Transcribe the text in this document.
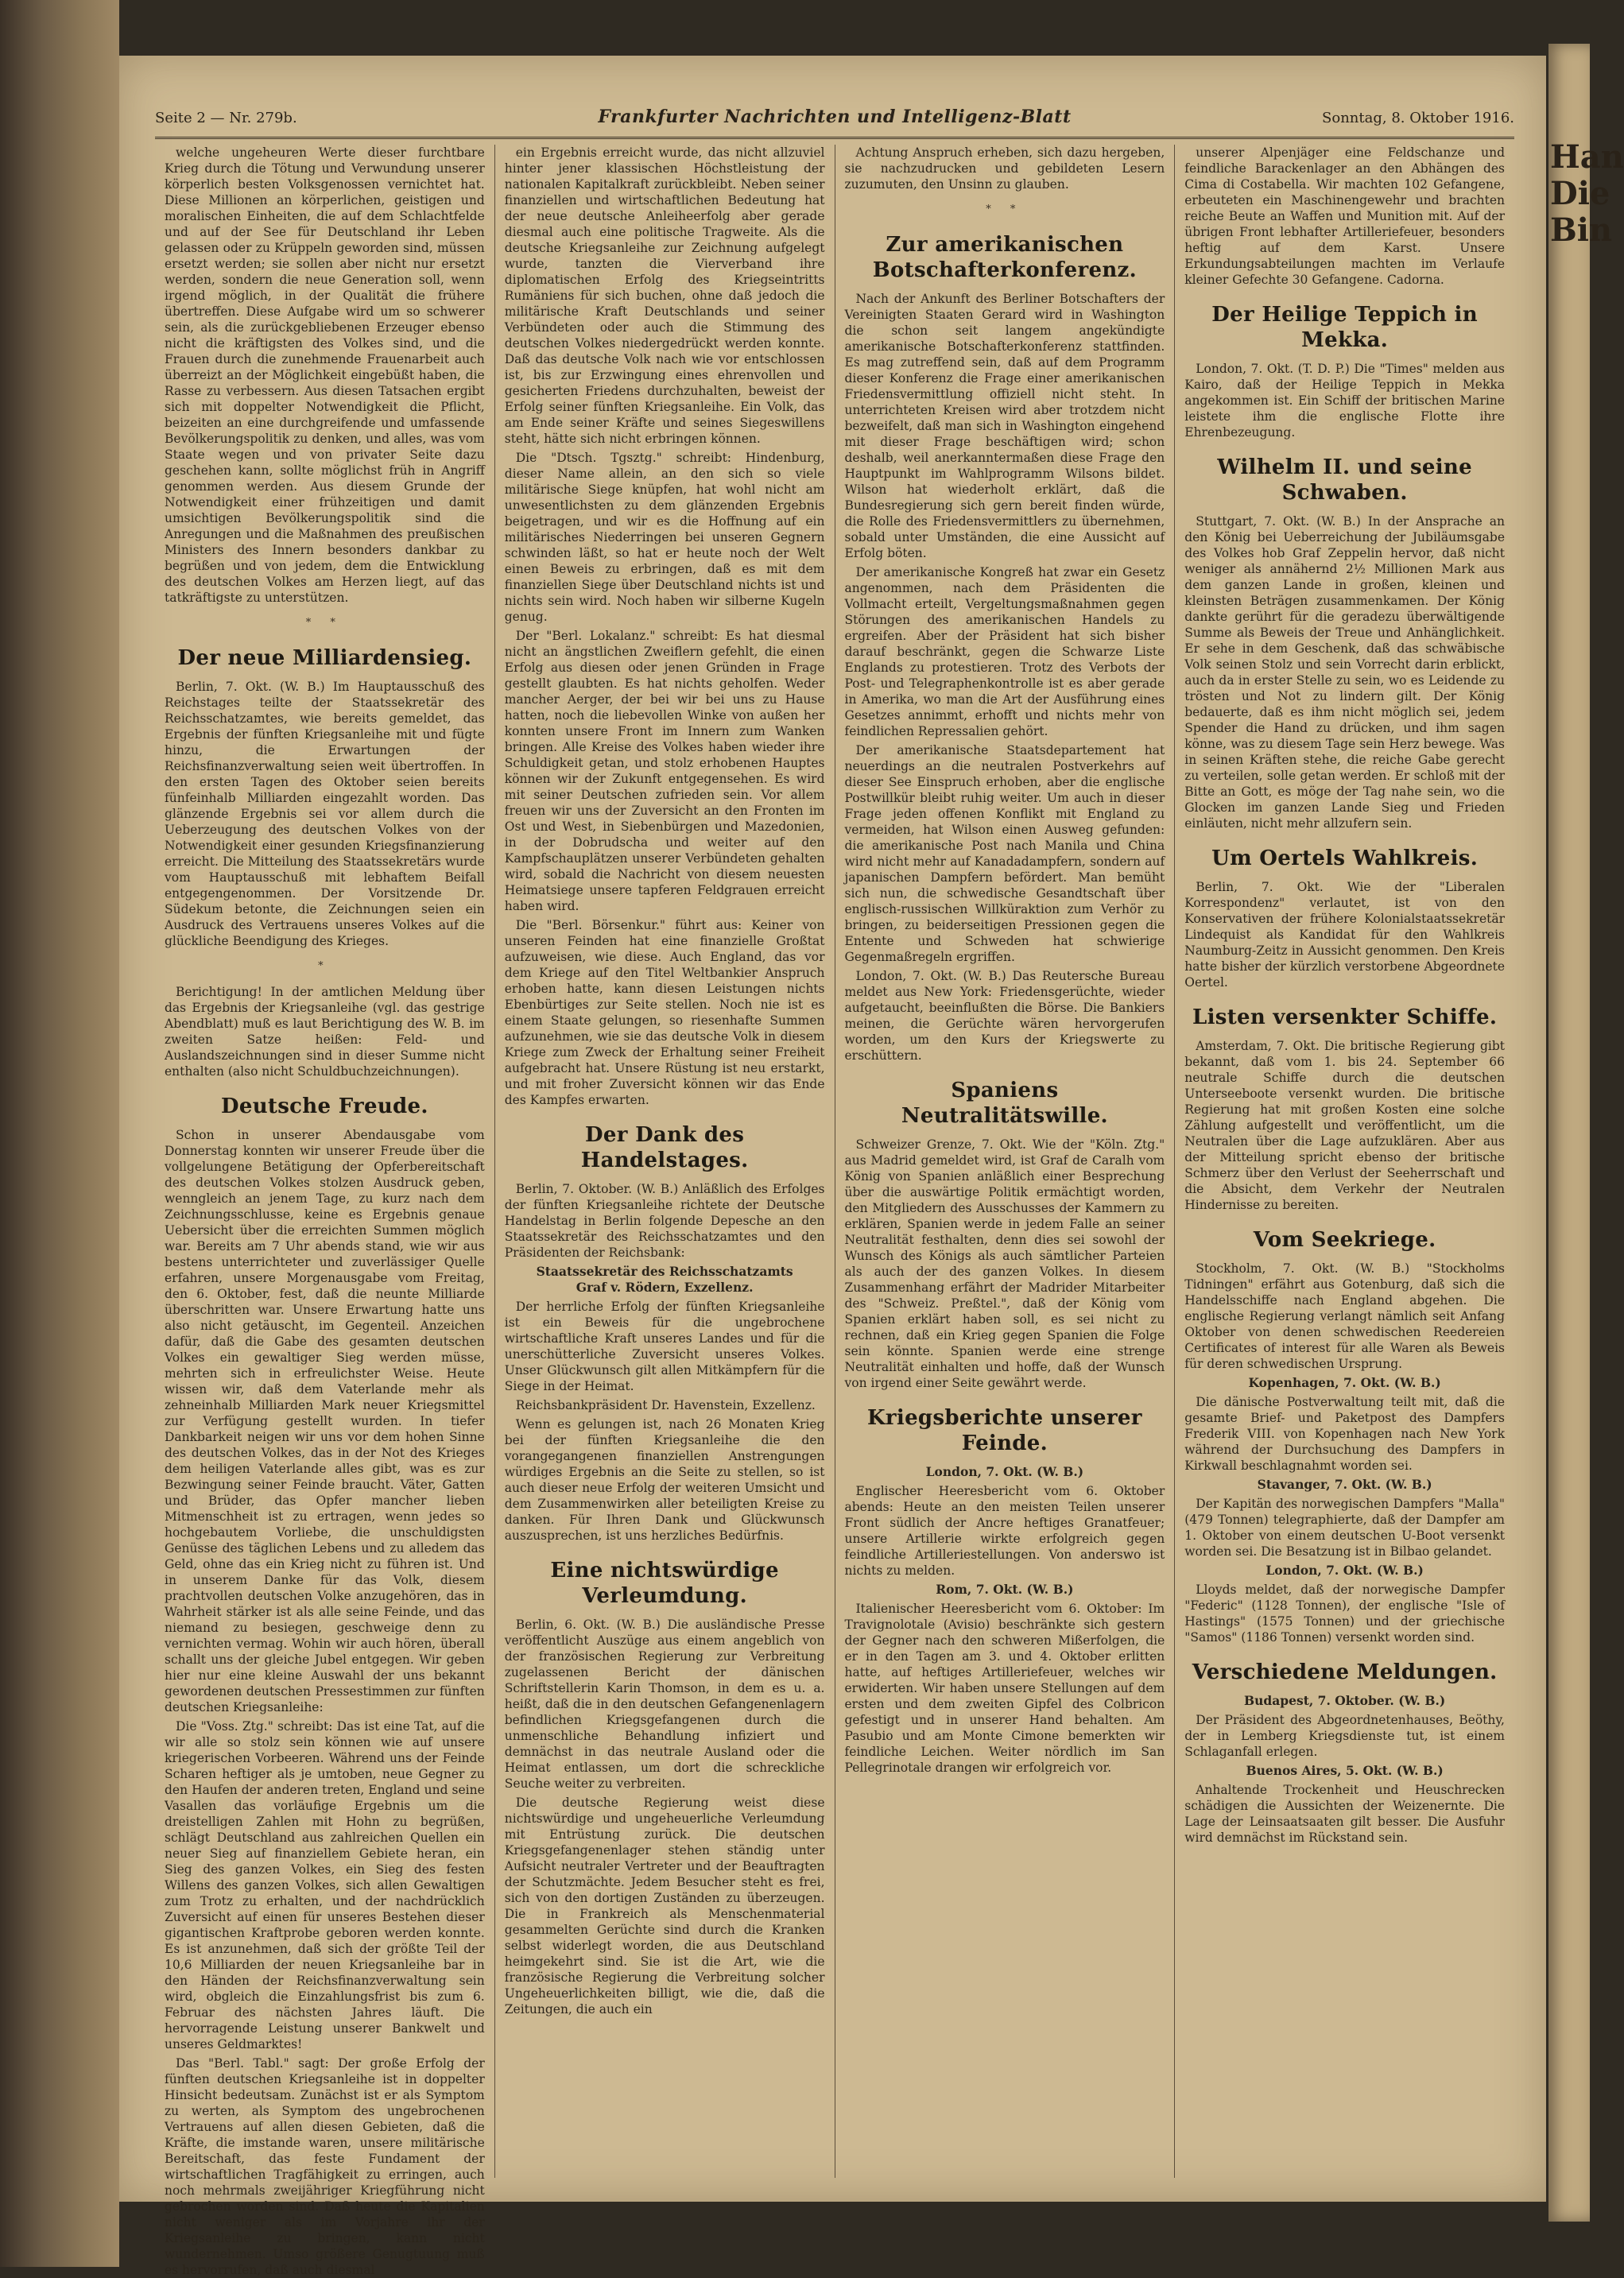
Seite 2 — Nr. 279b.	Frankfurter Nachrichten und Intelligenz-Blatt	Sonntag, 8. Oktober 1916.

welche ungeheuren Werte dieser furchtbare Krieg durch die Tötung und Verwundung unserer körperlich besten Volksgenossen vernichtet hat. Diese Millionen an körperlichen, geistigen und moralischen Einheiten, die auf dem Schlachtfelde und auf der See für Deutschland ihr Leben gelassen oder zu Krüppeln geworden sind, müssen ersetzt werden; sie sollen aber nicht nur ersetzt werden, sondern die neue Generation soll, wenn irgend möglich, in der Qualität die frühere übertreffen. Diese Aufgabe wird um so schwerer sein, als die zurückgebliebenen Erzeuger ebenso nicht die kräftigsten des Volkes sind, und die Frauen durch die zunehmende Frauenarbeit auch überreizt an der Möglichkeit eingebüßt haben, die Rasse zu verbessern. Aus diesen Tatsachen ergibt sich mit doppelter Notwendigkeit die Pflicht, beizeiten an eine durchgreifende und umfassende Bevölkerungspolitik zu denken, und alles, was vom Staate wegen und von privater Seite dazu geschehen kann, sollte möglichst früh in Angriff genommen werden. Aus diesem Grunde der Notwendigkeit einer frühzeitigen und damit umsichtigen Bevölkerungspolitik sind die Anregungen und die Maßnahmen des preußischen Ministers des Innern besonders dankbar zu begrüßen und von jedem, dem die Entwicklung des deutschen Volkes am Herzen liegt, auf das tatkräftigste zu unterstützen.

* *
Der neue Milliardensieg.

Berlin, 7. Okt. (W. B.) Im Hauptausschuß des Reichstages teilte der Staatssekretär des Reichsschatzamtes, wie bereits gemeldet, das Ergebnis der fünften Kriegsanleihe mit und fügte hinzu, die Erwartungen der Reichsfinanzverwaltung seien weit übertroffen. In den ersten Tagen des Oktober seien bereits fünfeinhalb Milliarden eingezahlt worden. Das glänzende Ergebnis sei vor allem durch die Ueberzeugung des deutschen Volkes von der Notwendigkeit einer gesunden Kriegsfinanzierung erreicht. Die Mitteilung des Staatssekretärs wurde vom Hauptausschuß mit lebhaftem Beifall entgegengenommen. Der Vorsitzende Dr. Südekum betonte, die Zeichnungen seien ein Ausdruck des Vertrauens unseres Volkes auf die glückliche Beendigung des Krieges.

*

Berichtigung! In der amtlichen Meldung über das Ergebnis der Kriegsanleihe (vgl. das gestrige Abendblatt) muß es laut Berichtigung des W. B. im zweiten Satze heißen: Feld- und Auslandszeichnungen sind in dieser Summe nicht enthalten (also nicht Schuldbuchzeichnungen).

Deutsche Freude.

Schon in unserer Abendausgabe vom Donnerstag konnten wir unserer Freude über die vollgelungene Betätigung der Opferbereitschaft des deutschen Volkes stolzen Ausdruck geben, wenngleich an jenem Tage, zu kurz nach dem Zeichnungsschlusse, keine es Ergebnis genaue Uebersicht über die erreichten Summen möglich war. Bereits am 7 Uhr abends stand, wie wir aus bestens unterrichteter und zuverlässiger Quelle erfahren, unsere Morgenausgabe vom Freitag, den 6. Oktober, fest, daß die neunte Milliarde überschritten war. Unsere Erwartung hatte uns also nicht getäuscht, im Gegenteil. Anzeichen dafür, daß die Gabe des gesamten deutschen Volkes ein gewaltiger Sieg werden müsse, mehrten sich in erfreulichster Weise. Heute wissen wir, daß dem Vaterlande mehr als zehneinhalb Milliarden Mark neuer Kriegsmittel zur Verfügung gestellt wurden. In tiefer Dankbarkeit neigen wir uns vor dem hohen Sinne des deutschen Volkes, das in der Not des Krieges dem heiligen Vaterlande alles gibt, was es zur Bezwingung seiner Feinde braucht. Väter, Gatten und Brüder, das Opfer mancher lieben Mitmenschheit ist zu ertragen, wenn jedes so hochgebautem Vorliebe, die unschuldigsten Genüsse des täglichen Lebens und zu alledem das Geld, ohne das ein Krieg nicht zu führen ist. Und in unserem Danke für das Volk, diesem prachtvollen deutschen Volke anzugehören, das in Wahrheit stärker ist als alle seine Feinde, und das niemand zu besiegen, geschweige denn zu vernichten vermag. Wohin wir auch hören, überall schallt uns der gleiche Jubel entgegen. Wir geben hier nur eine kleine Auswahl der uns bekannt gewordenen deutschen Pressestimmen zur fünften deutschen Kriegsanleihe:

Die "Voss. Ztg." schreibt: Das ist eine Tat, auf die wir alle so stolz sein können wie auf unsere kriegerischen Vorbeeren. Während uns der Feinde Scharen heftiger als je umtoben, neue Gegner zu den Haufen der anderen treten, England und seine Vasallen das vorläufige Ergebnis um die dreistelligen Zahlen mit Hohn zu begrüßen, schlägt Deutschland aus zahlreichen Quellen ein neuer Sieg auf finanziellem Gebiete heran, ein Sieg des ganzen Volkes, ein Sieg des festen Willens des ganzen Volkes, sich allen Gewaltigen zum Trotz zu erhalten, und der nachdrücklich Zuversicht auf einen für unseres Bestehen dieser gigantischen Kraftprobe geboren werden konnte. Es ist anzunehmen, daß sich der größte Teil der 10,6 Milliarden der neuen Kriegsanleihe bar in den Händen der Reichsfinanzverwaltung sein wird, obgleich die Einzahlungsfrist bis zum 6. Februar des nächsten Jahres läuft. Die hervorragende Leistung unserer Bankwelt und unseres Geldmarktes!

Das "Berl. Tabl." sagt: Der große Erfolg der fünften deutschen Kriegsanleihe ist in doppelter Hinsicht bedeutsam. Zunächst ist er als Symptom zu werten, als Symptom des ungebrochenen Vertrauens auf allen diesen Gebieten, daß die Kräfte, die imstande waren, unsere militärische Bereitschaft, das feste Fundament der wirtschaftlichen Tragfähigkeit zu erringen, auch noch mehrmals zweijähriger Kriegführung nicht gebrochen worden sind. Daß heute die Kapitalien nicht weniger als im Vorjahre ihr der Kriegsanleihe zu bringen, kann nicht wundernehmen. Umso größere Genugtuung muß es hervorrufen, daß auch diesmal

ein Ergebnis erreicht wurde, das nicht allzuviel hinter jener klassischen Höchstleistung der nationalen Kapitalkraft zurückbleibt. Neben seiner finanziellen und wirtschaftlichen Bedeutung hat der neue deutsche Anleiheerfolg aber gerade diesmal auch eine politische Tragweite. Als die deutsche Kriegsanleihe zur Zeichnung aufgelegt wurde, tanzten die Vierverband ihre diplomatischen Erfolg des Kriegseintritts Rumäniens für sich buchen, ohne daß jedoch die militärische Kraft Deutschlands und seiner Verbündeten oder auch die Stimmung des deutschen Volkes niedergedrückt werden konnte. Daß das deutsche Volk nach wie vor entschlossen ist, bis zur Erzwingung eines ehrenvollen und gesicherten Friedens durchzuhalten, beweist der Erfolg seiner fünften Kriegsanleihe. Ein Volk, das am Ende seiner Kräfte und seines Siegeswillens steht, hätte sich nicht erbringen können.

Die "Dtsch. Tgsztg." schreibt: Hindenburg, dieser Name allein, an den sich so viele militärische Siege knüpfen, hat wohl nicht am unwesentlichsten zu dem glänzenden Ergebnis beigetragen, und wir es die Hoffnung auf ein militärisches Niederringen bei unseren Gegnern schwinden läßt, so hat er heute noch der Welt einen Beweis zu erbringen, daß es mit dem finanziellen Siege über Deutschland nichts ist und nichts sein wird. Noch haben wir silberne Kugeln genug.

Der "Berl. Lokalanz." schreibt: Es hat diesmal nicht an ängstlichen Zweiflern gefehlt, die einen Erfolg aus diesen oder jenen Gründen in Frage gestellt glaubten. Es hat nichts geholfen. Weder mancher Aerger, der bei wir bei uns zu Hause hatten, noch die liebevollen Winke von außen her konnten unsere Front im Innern zum Wanken bringen. Alle Kreise des Volkes haben wieder ihre Schuldigkeit getan, und stolz erhobenen Hauptes können wir der Zukunft entgegensehen. Es wird mit seiner Deutschen zufrieden sein. Vor allem freuen wir uns der Zuversicht an den Fronten im Ost und West, in Siebenbürgen und Mazedonien, in der Dobrudscha und weiter auf den Kampfschauplätzen unserer Verbündeten gehalten wird, sobald die Nachricht von diesem neuesten Heimatsiege unsere tapferen Feldgrauen erreicht haben wird.

Die "Berl. Börsenkur." führt aus: Keiner von unseren Feinden hat eine finanzielle Großtat aufzuweisen, wie diese. Auch England, das vor dem Kriege auf den Titel Weltbankier Anspruch erhoben hatte, kann diesen Leistungen nichts Ebenbürtiges zur Seite stellen. Noch nie ist es einem Staate gelungen, so riesenhafte Summen aufzunehmen, wie sie das deutsche Volk in diesem Kriege zum Zweck der Erhaltung seiner Freiheit aufgebracht hat. Unsere Rüstung ist neu erstarkt, und mit froher Zuversicht können wir das Ende des Kampfes erwarten.

Der Dank des Handelstages.

Berlin, 7. Oktober. (W. B.) Anläßlich des Erfolges der fünften Kriegsanleihe richtete der Deutsche Handelstag in Berlin folgende Depesche an den Staatssekretär des Reichsschatzamtes und den Präsidenten der Reichsbank:

Staatssekretär des Reichsschatzamts
Graf v. Rödern, Exzellenz.

Der herrliche Erfolg der fünften Kriegsanleihe ist ein Beweis für die ungebrochene wirtschaftliche Kraft unseres Landes und für die unerschütterliche Zuversicht unseres Volkes. Unser Glückwunsch gilt allen Mitkämpfern für die Siege in der Heimat.

Reichsbankpräsident Dr. Havenstein, Exzellenz.

Wenn es gelungen ist, nach 26 Monaten Krieg bei der fünften Kriegsanleihe die den vorangegangenen finanziellen Anstrengungen würdiges Ergebnis an die Seite zu stellen, so ist auch dieser neue Erfolg der weiteren Umsicht und dem Zusammenwirken aller beteiligten Kreise zu danken. Für Ihren Dank und Glückwunsch auszusprechen, ist uns herzliches Bedürfnis.

Eine nichtswürdige Verleumdung.

Berlin, 6. Okt. (W. B.) Die ausländische Presse veröffentlicht Auszüge aus einem angeblich von der französischen Regierung zur Verbreitung zugelassenen Bericht der dänischen Schriftstellerin Karin Thomson, in dem es u. a. heißt, daß die in den deutschen Gefangenenlagern befindlichen Kriegsgefangenen durch die unmenschliche Behandlung infiziert und demnächst in das neutrale Ausland oder die Heimat entlassen, um dort die schreckliche Seuche weiter zu verbreiten.

Die deutsche Regierung weist diese nichtswürdige und ungeheuerliche Verleumdung mit Entrüstung zurück. Die deutschen Kriegsgefangenenlager stehen ständig unter Aufsicht neutraler Vertreter und der Beauftragten der Schutzmächte. Jedem Besucher steht es frei, sich von den dortigen Zuständen zu überzeugen. Die in Frankreich als Menschenmaterial gesammelten Gerüchte sind durch die Kranken selbst widerlegt worden, die aus Deutschland heimgekehrt sind. Sie ist die Art, wie die französische Regierung die Verbreitung solcher Ungeheuerlichkeiten billigt, wie die, daß die Zeitungen, die auch ein

Achtung Anspruch erheben, sich dazu hergeben, sie nachzudrucken und gebildeten Lesern zuzumuten, den Unsinn zu glauben.

* *
Zur amerikanischen Botschafterkonferenz.

Nach der Ankunft des Berliner Botschafters der Vereinigten Staaten Gerard wird in Washington die schon seit langem angekündigte amerikanische Botschafterkonferenz stattfinden. Es mag zutreffend sein, daß auf dem Programm dieser Konferenz die Frage einer amerikanischen Friedensvermittlung offiziell nicht steht. In unterrichteten Kreisen wird aber trotzdem nicht bezweifelt, daß man sich in Washington eingehend mit dieser Frage beschäftigen wird; schon deshalb, weil anerkanntermaßen diese Frage den Hauptpunkt im Wahlprogramm Wilsons bildet. Wilson hat wiederholt erklärt, daß die Bundesregierung sich gern bereit finden würde, die Rolle des Friedensvermittlers zu übernehmen, sobald unter Umständen, die eine Aussicht auf Erfolg böten.

Der amerikanische Kongreß hat zwar ein Gesetz angenommen, nach dem Präsidenten die Vollmacht erteilt, Vergeltungsmaßnahmen gegen Störungen des amerikanischen Handels zu ergreifen. Aber der Präsident hat sich bisher darauf beschränkt, gegen die Schwarze Liste Englands zu protestieren. Trotz des Verbots der Post- und Telegraphenkontrolle ist es aber gerade in Amerika, wo man die Art der Ausführung eines Gesetzes annimmt, erhofft und nichts mehr von feindlichen Repressalien gehört.

Der amerikanische Staatsdepartement hat neuerdings an die neutralen Postverkehrs auf dieser See Einspruch erhoben, aber die englische Postwillkür bleibt ruhig weiter. Um auch in dieser Frage jeden offenen Konflikt mit England zu vermeiden, hat Wilson einen Ausweg gefunden: die amerikanische Post nach Manila und China wird nicht mehr auf Kanadadampfern, sondern auf japanischen Dampfern befördert. Man bemüht sich nun, die schwedische Gesandtschaft über englisch-russischen Willküraktion zum Verhör zu bringen, zu beiderseitigen Pressionen gegen die Entente und Schweden hat schwierige Gegenmaßregeln ergriffen.

London, 7. Okt. (W. B.) Das Reutersche Bureau meldet aus New York: Friedensgerüchte, wieder aufgetaucht, beeinflußten die Börse. Die Bankiers meinen, die Gerüchte wären hervorgerufen worden, um den Kurs der Kriegswerte zu erschüttern.

Spaniens Neutralitätswille.

Schweizer Grenze, 7. Okt. Wie der "Köln. Ztg." aus Madrid gemeldet wird, ist Graf de Caralh vom König von Spanien anläßlich einer Besprechung über die auswärtige Politik ermächtigt worden, den Mitgliedern des Ausschusses der Kammern zu erklären, Spanien werde in jedem Falle an seiner Neutralität festhalten, denn dies sei sowohl der Wunsch des Königs als auch sämtlicher Parteien als auch der des ganzen Volkes. In diesem Zusammenhang erfährt der Madrider Mitarbeiter des "Schweiz. Preßtel.", daß der König vom Spanien erklärt haben soll, es sei nicht zu rechnen, daß ein Krieg gegen Spanien die Folge sein könnte. Spanien werde eine strenge Neutralität einhalten und hoffe, daß der Wunsch von irgend einer Seite gewährt werde.

Kriegsberichte unserer Feinde.
London, 7. Okt. (W. B.)

Englischer Heeresbericht vom 6. Oktober abends: Heute an den meisten Teilen unserer Front südlich der Ancre heftiges Granatfeuer; unsere Artillerie wirkte erfolgreich gegen feindliche Artilleriestellungen. Von anderswo ist nichts zu melden.

Rom, 7. Okt. (W. B.)

Italienischer Heeresbericht vom 6. Oktober: Im Travignolotale (Avisio) beschränkte sich gestern der Gegner nach den schweren Mißerfolgen, die er in den Tagen am 3. und 4. Oktober erlitten hatte, auf heftiges Artilleriefeuer, welches wir erwiderten. Wir haben unsere Stellungen auf dem ersten und dem zweiten Gipfel des Colbricon gefestigt und in unserer Hand behalten. Am Pasubio und am Monte Cimone bemerkten wir feindliche Leichen. Weiter nördlich im San Pellegrinotale drangen wir erfolgreich vor.

unserer Alpenjäger eine Feldschanze und feindliche Barackenlager an den Abhängen des Cima di Costabella. Wir machten 102 Gefangene, erbeuteten ein Maschinengewehr und brachten reiche Beute an Waffen und Munition mit. Auf der übrigen Front lebhafter Artilleriefeuer, besonders heftig auf dem Karst. Unsere Erkundungsabteilungen machten im Verlaufe kleiner Gefechte 30 Gefangene. Cadorna.

Der Heilige Teppich in Mekka.

London, 7. Okt. (T. D. P.) Die "Times" melden aus Kairo, daß der Heilige Teppich in Mekka angekommen ist. Ein Schiff der britischen Marine leistete ihm die englische Flotte ihre Ehrenbezeugung.

Wilhelm II. und seine Schwaben.

Stuttgart, 7. Okt. (W. B.) In der Ansprache an den König bei Ueberreichung der Jubiläumsgabe des Volkes hob Graf Zeppelin hervor, daß nicht weniger als annähernd 2½ Millionen Mark aus dem ganzen Lande in großen, kleinen und kleinsten Beträgen zusammenkamen. Der König dankte gerührt für die geradezu überwältigende Summe als Beweis der Treue und Anhänglichkeit. Er sehe in dem Geschenk, daß das schwäbische Volk seinen Stolz und sein Vorrecht darin erblickt, auch da in erster Stelle zu sein, wo es Leidende zu trösten und Not zu lindern gilt. Der König bedauerte, daß es ihm nicht möglich sei, jedem Spender die Hand zu drücken, und ihm sagen könne, was zu diesem Tage sein Herz bewege. Was in seinen Kräften stehe, die reiche Gabe gerecht zu verteilen, solle getan werden. Er schloß mit der Bitte an Gott, es möge der Tag nahe sein, wo die Glocken im ganzen Lande Sieg und Frieden einläuten, nicht mehr allzufern sein.

Um Oertels Wahlkreis.

Berlin, 7. Okt. Wie der "Liberalen Korrespondenz" verlautet, ist von den Konservativen der frühere Kolonialstaatssekretär Lindequist als Kandidat für den Wahlkreis Naumburg-Zeitz in Aussicht genommen. Den Kreis hatte bisher der kürzlich verstorbene Abgeordnete Oertel.

Listen versenkter Schiffe.

Amsterdam, 7. Okt. Die britische Regierung gibt bekannt, daß vom 1. bis 24. September 66 neutrale Schiffe durch die deutschen Unterseeboote versenkt wurden. Die britische Regierung hat mit großen Kosten eine solche Zählung aufgestellt und veröffentlicht, um die Neutralen über die Lage aufzuklären. Aber aus der Mitteilung spricht ebenso der britische Schmerz über den Verlust der Seeherrschaft und die Absicht, dem Verkehr der Neutralen Hindernisse zu bereiten.

Vom Seekriege.

Stockholm, 7. Okt. (W. B.) "Stockholms Tidningen" erfährt aus Gotenburg, daß sich die Handelsschiffe nach England abgehen. Die englische Regierung verlangt nämlich seit Anfang Oktober von denen schwedischen Reedereien Certificates of interest für alle Waren als Beweis für deren schwedischen Ursprung.

Kopenhagen, 7. Okt. (W. B.)

Die dänische Postverwaltung teilt mit, daß die gesamte Brief- und Paketpost des Dampfers Frederik VIII. von Kopenhagen nach New York während der Durchsuchung des Dampfers in Kirkwall beschlagnahmt worden sei.

Stavanger, 7. Okt. (W. B.)

Der Kapitän des norwegischen Dampfers "Malla" (479 Tonnen) telegraphierte, daß der Dampfer am 1. Oktober von einem deutschen U-Boot versenkt worden sei. Die Besatzung ist in Bilbao gelandet.

London, 7. Okt. (W. B.)

Lloyds meldet, daß der norwegische Dampfer "Federic" (1128 Tonnen), der englische "Isle of Hastings" (1575 Tonnen) und der griechische "Samos" (1186 Tonnen) versenkt worden sind.

Verschiedene Meldungen.
Budapest, 7. Oktober. (W. B.)

Der Präsident des Abgeordnetenhauses, Beöthy, der in Lemberg Kriegsdienste tut, ist einem Schlaganfall erlegen.

Buenos Aires, 5. Okt. (W. B.)

Anhaltende Trockenheit und Heuschrecken schädigen die Aussichten der Weizenernte. Die Lage der Leinsaatsaaten gilt besser. Die Ausfuhr wird demnächst im Rückstand sein.

Han
Die Bin
